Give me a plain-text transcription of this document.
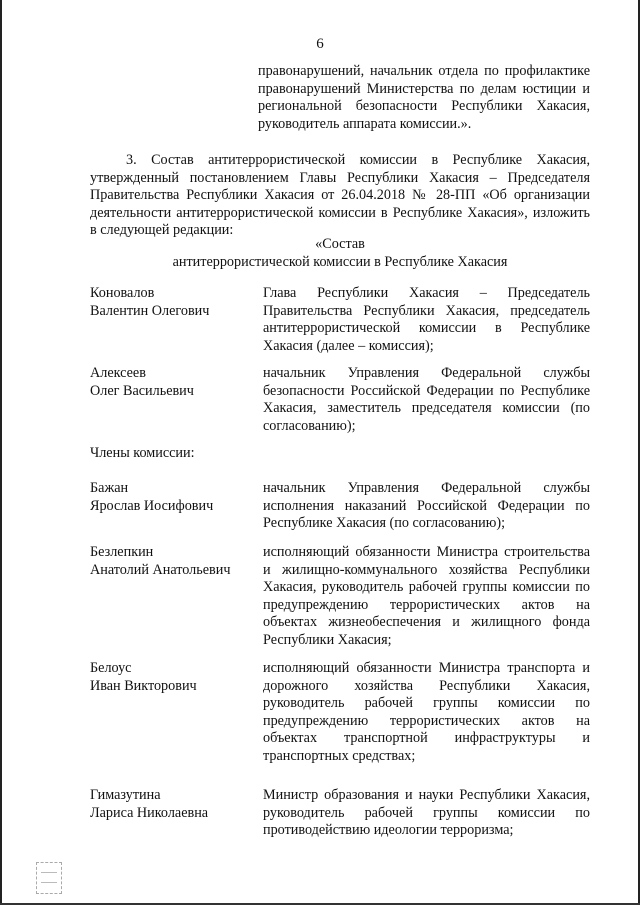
6
правонарушений, начальник отдела по профилактике правонарушений Министерства по делам юстиции и региональной безопасности Республики Хакасия, руководитель аппарата комиссии.».
3. Состав антитеррористической комиссии в Республике Хакасия, утвержденный постановлением Главы Республики Хакасия – Председателя Правительства Республики Хакасия от 26.04.2018 № 28-ПП «Об организации деятельности антитеррористической комиссии в Республике Хакасия», изложить в следующей редакции:
«Состав
антитеррористической комиссии в Республике Хакасия
Коновалов
Валентин Олегович
Глава Республики Хакасия – Председатель Правительства Республики Хакасия, председатель антитеррористической комиссии в Республике Хакасия (далее – комиссия);
Алексеев
Олег Васильевич
начальник Управления Федеральной службы безопасности Российской Федерации по Республике Хакасия, заместитель председателя комиссии (по согласованию);
Члены комиссии:
Бажан
Ярослав Иосифович
начальник Управления Федеральной службы исполнения наказаний Российской Федерации по Республике Хакасия (по согласованию);
Безлепкин
Анатолий Анатольевич
исполняющий обязанности Министра строительства и жилищно-коммунального хозяйства Республики Хакасия, руководитель рабочей группы комиссии по предупреждению террористических актов на объектах жизнеобеспечения и жилищного фонда Республики Хакасия;
Белоус
Иван Викторович
исполняющий обязанности Министра транспорта и дорожного хозяйства Республики Хакасия, руководитель рабочей группы комиссии по предупреждению террористических актов на объектах транспортной инфраструктуры и транспортных средствах;
Гимазутина
Лариса Николаевна
Министр образования и науки Республики Хакасия, руководитель рабочей группы комиссии по противодействию идеологии терроризма;
